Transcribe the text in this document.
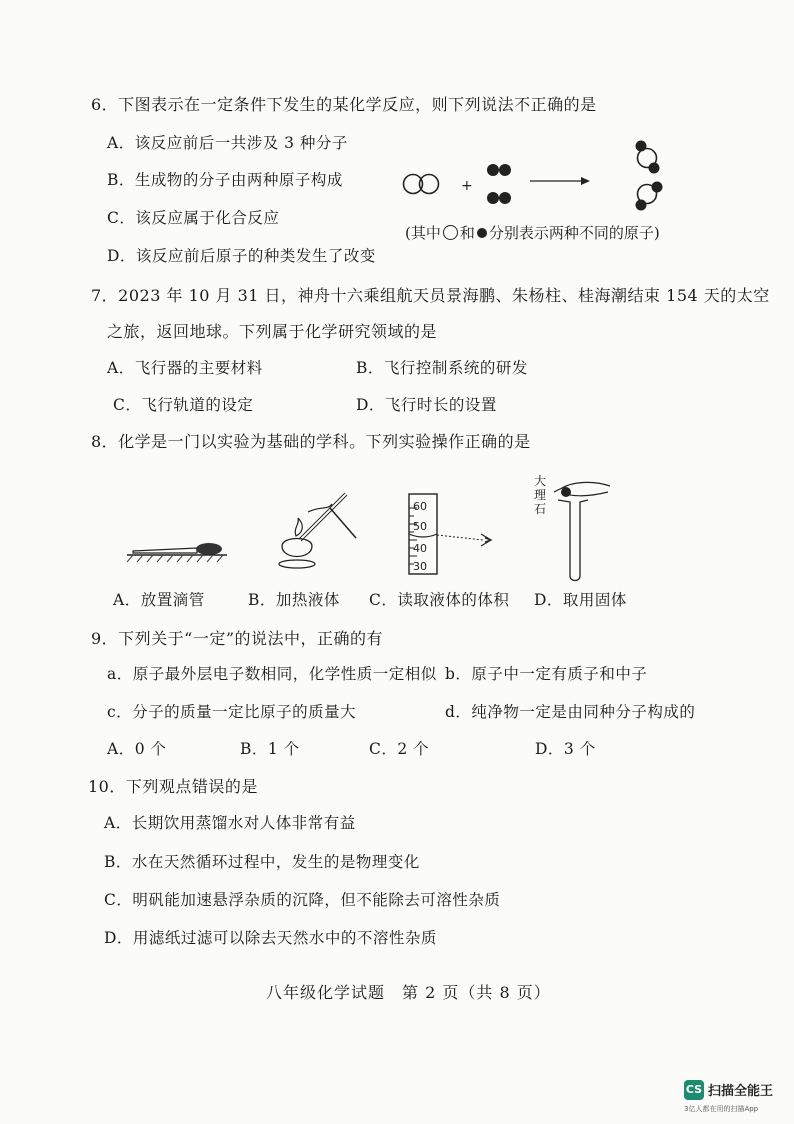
6．下图表示在一定条件下发生的某化学反应，则下列说法不正确的是
A．该反应前后一共涉及 3 种分子
B．生成物的分子由两种原子构成
C．该反应属于化合反应
D．该反应前后原子的种类发生了改变
+
(其中 和 分别表示两种不同的原子)
7．2023 年 10 月 31 日，神舟十六乘组航天员景海鹏、朱杨柱、桂海潮结束 154 天的太空
之旅，返回地球。下列属于化学研究领域的是
A．飞行器的主要材料	B．飞行控制系统的研发
C．飞行轨道的设定	D．飞行时长的设置
8．化学是一门以实验为基础的学科。下列实验操作正确的是
60
50
40
30
大理石
A．放置滴管	B．加热液体 C．读取液体的体积 D．取用固体
9．下列关于“一定”的说法中，正确的有
a．原子最外层电子数相同，化学性质一定相似 b．原子中一定有质子和中子
c．分子的质量一定比原子的质量大	d．纯净物一定是由同种分子构成的
A．0 个	B．1 个	C．2 个	D．3 个
10．下列观点错误的是
A．长期饮用蒸馏水对人体非常有益
B．水在天然循环过程中，发生的是物理变化
C．明矾能加速悬浮杂质的沉降，但不能除去可溶性杂质
D．用滤纸过滤可以除去天然水中的不溶性杂质
八年级化学试题　第 2 页（共 8 页）
CS 扫描全能王
3亿人都在用的扫描App
